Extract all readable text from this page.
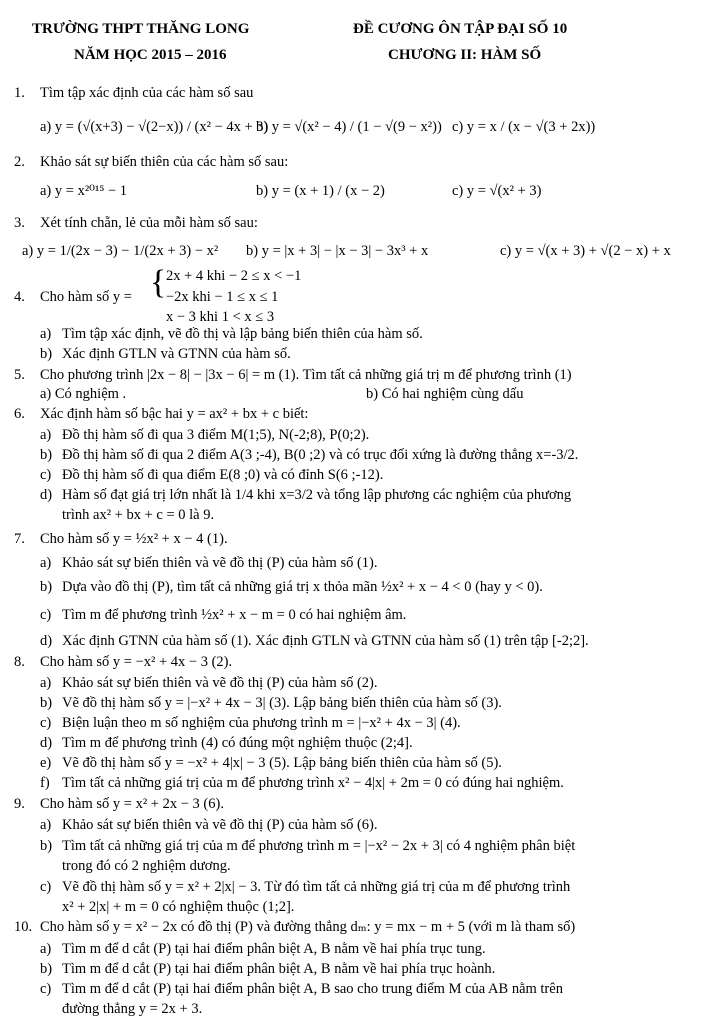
TRƯỜNG THPT THĂNG LONG
NĂM HỌC 2015 – 2016
ĐỀ CƯƠNG ÔN TẬP ĐẠI SỐ 10
CHƯƠNG II: HÀM SỐ
1. Tìm tập xác định của các hàm số sau
a) y = (√(x+3) − √(2−x)) / (x² − 4x + 3)
b) y = √(x² − 4) / (1 − √(9 − x²)) c) y = x / (x − √(3 + 2x))
2. Khảo sát sự biến thiên của các hàm số sau:
a) y = x²⁰¹⁵ − 1	b) y = (x + 1) / (x − 2)	c) y = √(x² + 3)
3. Xét tính chẵn, lẻ của mỗi hàm số sau:
a) y = 1/(2x − 3) − 1/(2x + 3) − x² b) y = |x + 3| − |x − 3| − 3x³ + x	c) y = √(x + 3) + √(2 − x) + x
4. Cho hàm số y = { 2x + 4 khi − 2 ≤ x < −1
−2x khi − 1 ≤ x ≤ 1
x − 3 khi 1 < x ≤ 3
a) Tìm tập xác định, vẽ đồ thị và lập bảng biến thiên của hàm số.
b) Xác định GTLN và GTNN của hàm số.
5. Cho phương trình |2x − 8| − |3x − 6| = m (1). Tìm tất cả những giá trị m để phương trình (1)
a) Có nghiệm .	b) Có hai nghiệm cùng dấu
6. Xác định hàm số bậc hai y = ax² + bx + c biết:
a) Đồ thị hàm số đi qua 3 điểm M(1;5), N(-2;8), P(0;2).
b) Đồ thị hàm số đi qua 2 điểm A(3 ;-4), B(0 ;2) và có trục đối xứng là đường thẳng x=-3/2.
c) Đồ thị hàm số đi qua điểm E(8 ;0) và có đỉnh S(6 ;-12).
d) Hàm số đạt giá trị lớn nhất là 1/4 khi x=3/2 và tổng lập phương các nghiệm của phương
trình ax² + bx + c = 0 là 9.
7. Cho hàm số y = ½x² + x − 4 (1).
a) Khảo sát sự biến thiên và vẽ đồ thị (P) của hàm số (1).
b) Dựa vào đồ thị (P), tìm tất cả những giá trị x thỏa mãn ½x² + x − 4 < 0 (hay y < 0).
c) Tìm m để phương trình ½x² + x − m = 0 có hai nghiệm âm.
d) Xác định GTNN của hàm số (1). Xác định GTLN và GTNN của hàm số (1) trên tập [-2;2].
8. Cho hàm số y = −x² + 4x − 3 (2).
a) Khảo sát sự biến thiên và vẽ đồ thị (P) của hàm số (2).
b) Vẽ đồ thị hàm số y = |−x² + 4x − 3| (3). Lập bảng biến thiên của hàm số (3).
c) Biện luận theo m số nghiệm của phương trình m = |−x² + 4x − 3| (4).
d) Tìm m để phương trình (4) có đúng một nghiệm thuộc (2;4].
e) Vẽ đồ thị hàm số y = −x² + 4|x| − 3 (5). Lập bảng biến thiên của hàm số (5).
f) Tìm tất cả những giá trị của m để phương trình x² − 4|x| + 2m = 0 có đúng hai nghiệm.
9. Cho hàm số y = x² + 2x − 3 (6).
a) Khảo sát sự biến thiên và vẽ đồ thị (P) của hàm số (6).
b) Tìm tất cả những giá trị của m để phương trình m = |−x² − 2x + 3| có 4 nghiệm phân biệt
trong đó có 2 nghiệm dương.
c) Vẽ đồ thị hàm số y = x² + 2|x| − 3. Từ đó tìm tất cả những giá trị của m để phương trình
x² + 2|x| + m = 0 có nghiệm thuộc (1;2].
10. Cho hàm số y = x² − 2x có đồ thị (P) và đường thẳng dₘ: y = mx − m + 5 (với m là tham số)
a) Tìm m để d cắt (P) tại hai điểm phân biệt A, B nằm về hai phía trục tung.
b) Tìm m để d cắt (P) tại hai điểm phân biệt A, B nằm về hai phía trục hoành.
c) Tìm m để d cắt (P) tại hai điểm phân biệt A, B sao cho trung điểm M của AB nằm trên
đường thẳng y = 2x + 3.
